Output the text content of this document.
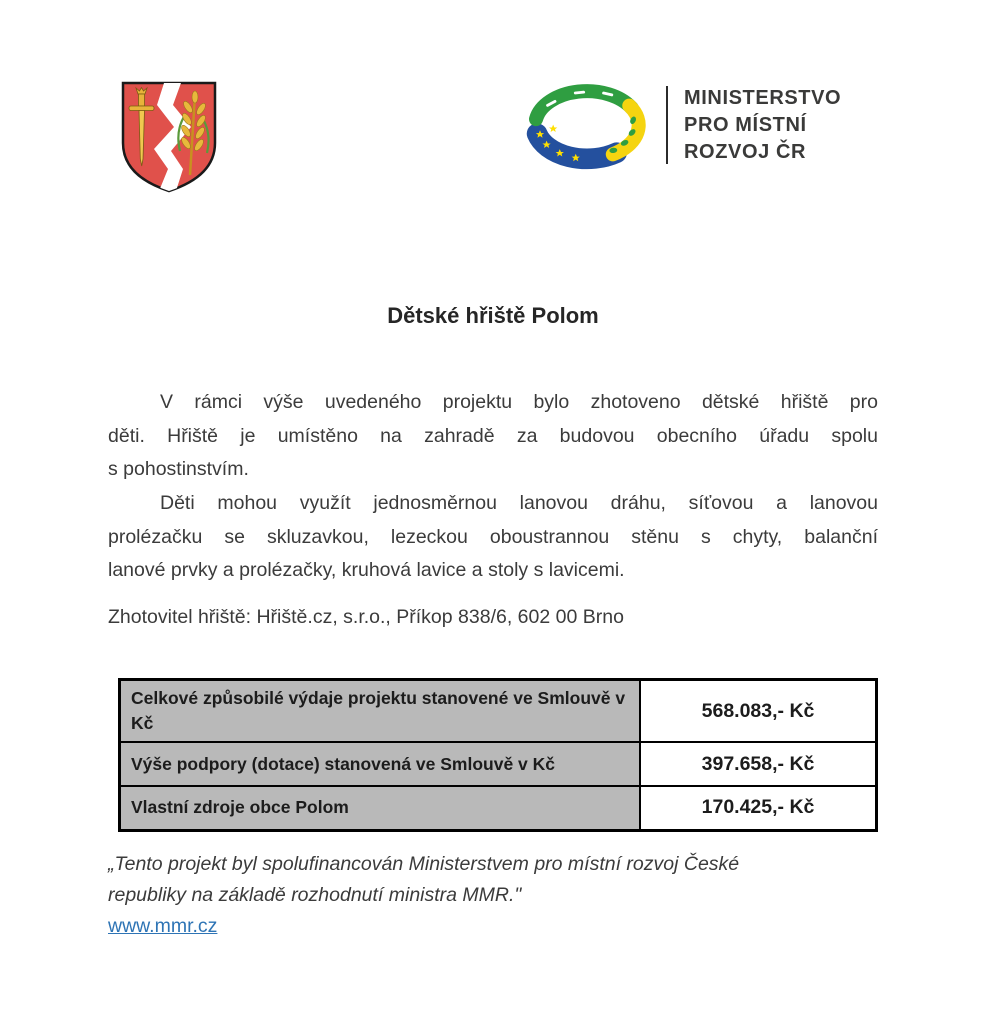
MINISTERSTVO
PRO MÍSTNÍ
ROZVOJ ČR
Dětské hřiště Polom
V rámci výše uvedeného projektu bylo zhotoveno dětské hřiště pro
děti. Hřiště je umístěno na zahradě za budovou obecního úřadu spolu
s pohostinstvím.
Děti mohou využít jednosměrnou lanovou dráhu, síťovou a lanovou
prolézačku se skluzavkou, lezeckou oboustrannou stěnu s chyty, balanční
lanové prvky a prolézačky, kruhová lavice a stoly s lavicemi.
Zhotovitel hřiště: Hřiště.cz, s.r.o., Příkop 838/6, 602 00 Brno
Celkové způsobilé výdaje projektu stanovené ve Smlouvě v Kč	568.083,- Kč
Výše podpory (dotace) stanovená ve Smlouvě v Kč	397.658,- Kč
Vlastní zdroje obce Polom	170.425,- Kč
„Tento projekt byl spolufinancován Ministerstvem pro místní rozvoj České
republiky na základě rozhodnutí ministra MMR."
www.mmr.cz
